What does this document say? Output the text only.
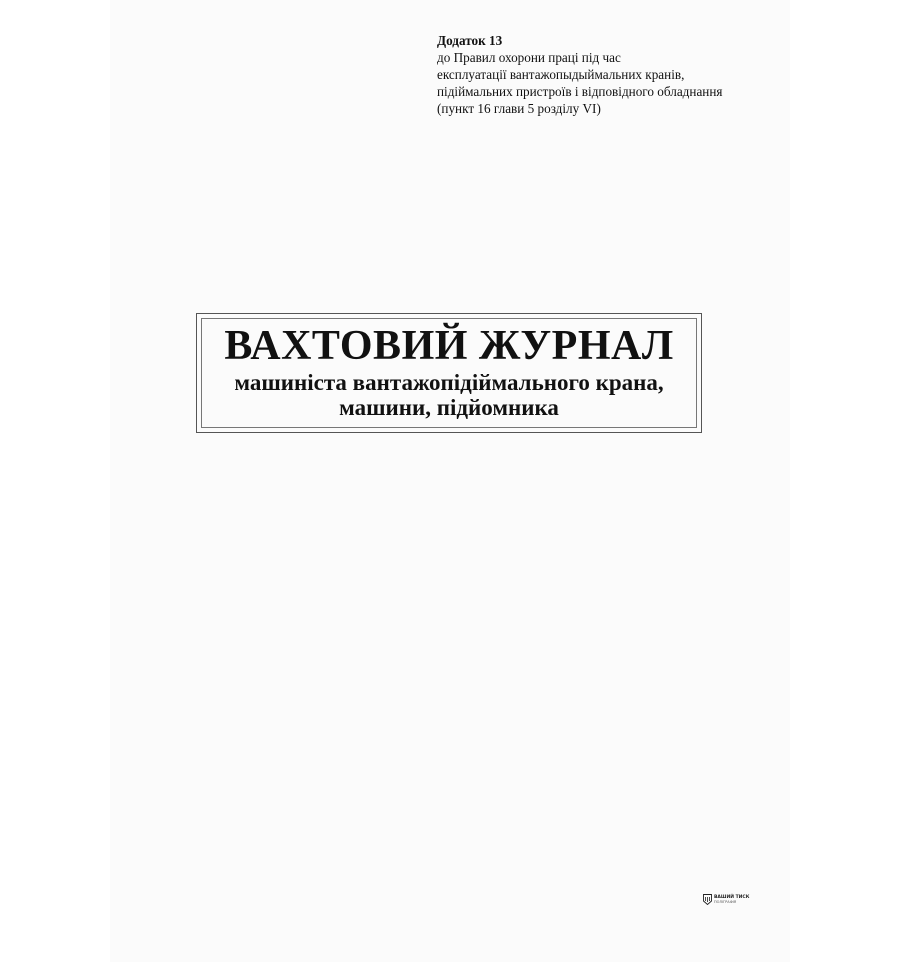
Додаток 13
до Правил охорони праці під час
експлуатації вантажопыдыймальних кранів,
підіймальних пристроїв і відповідного обладнання
(пункт 16 глави 5 розділу VI)
ВАХТОВИЙ ЖУРНАЛ
машиніста вантажопідіймального крана,
машини, підйомника
ВАШИЙ ТИСК
ПОЛІГРАФІЯ
